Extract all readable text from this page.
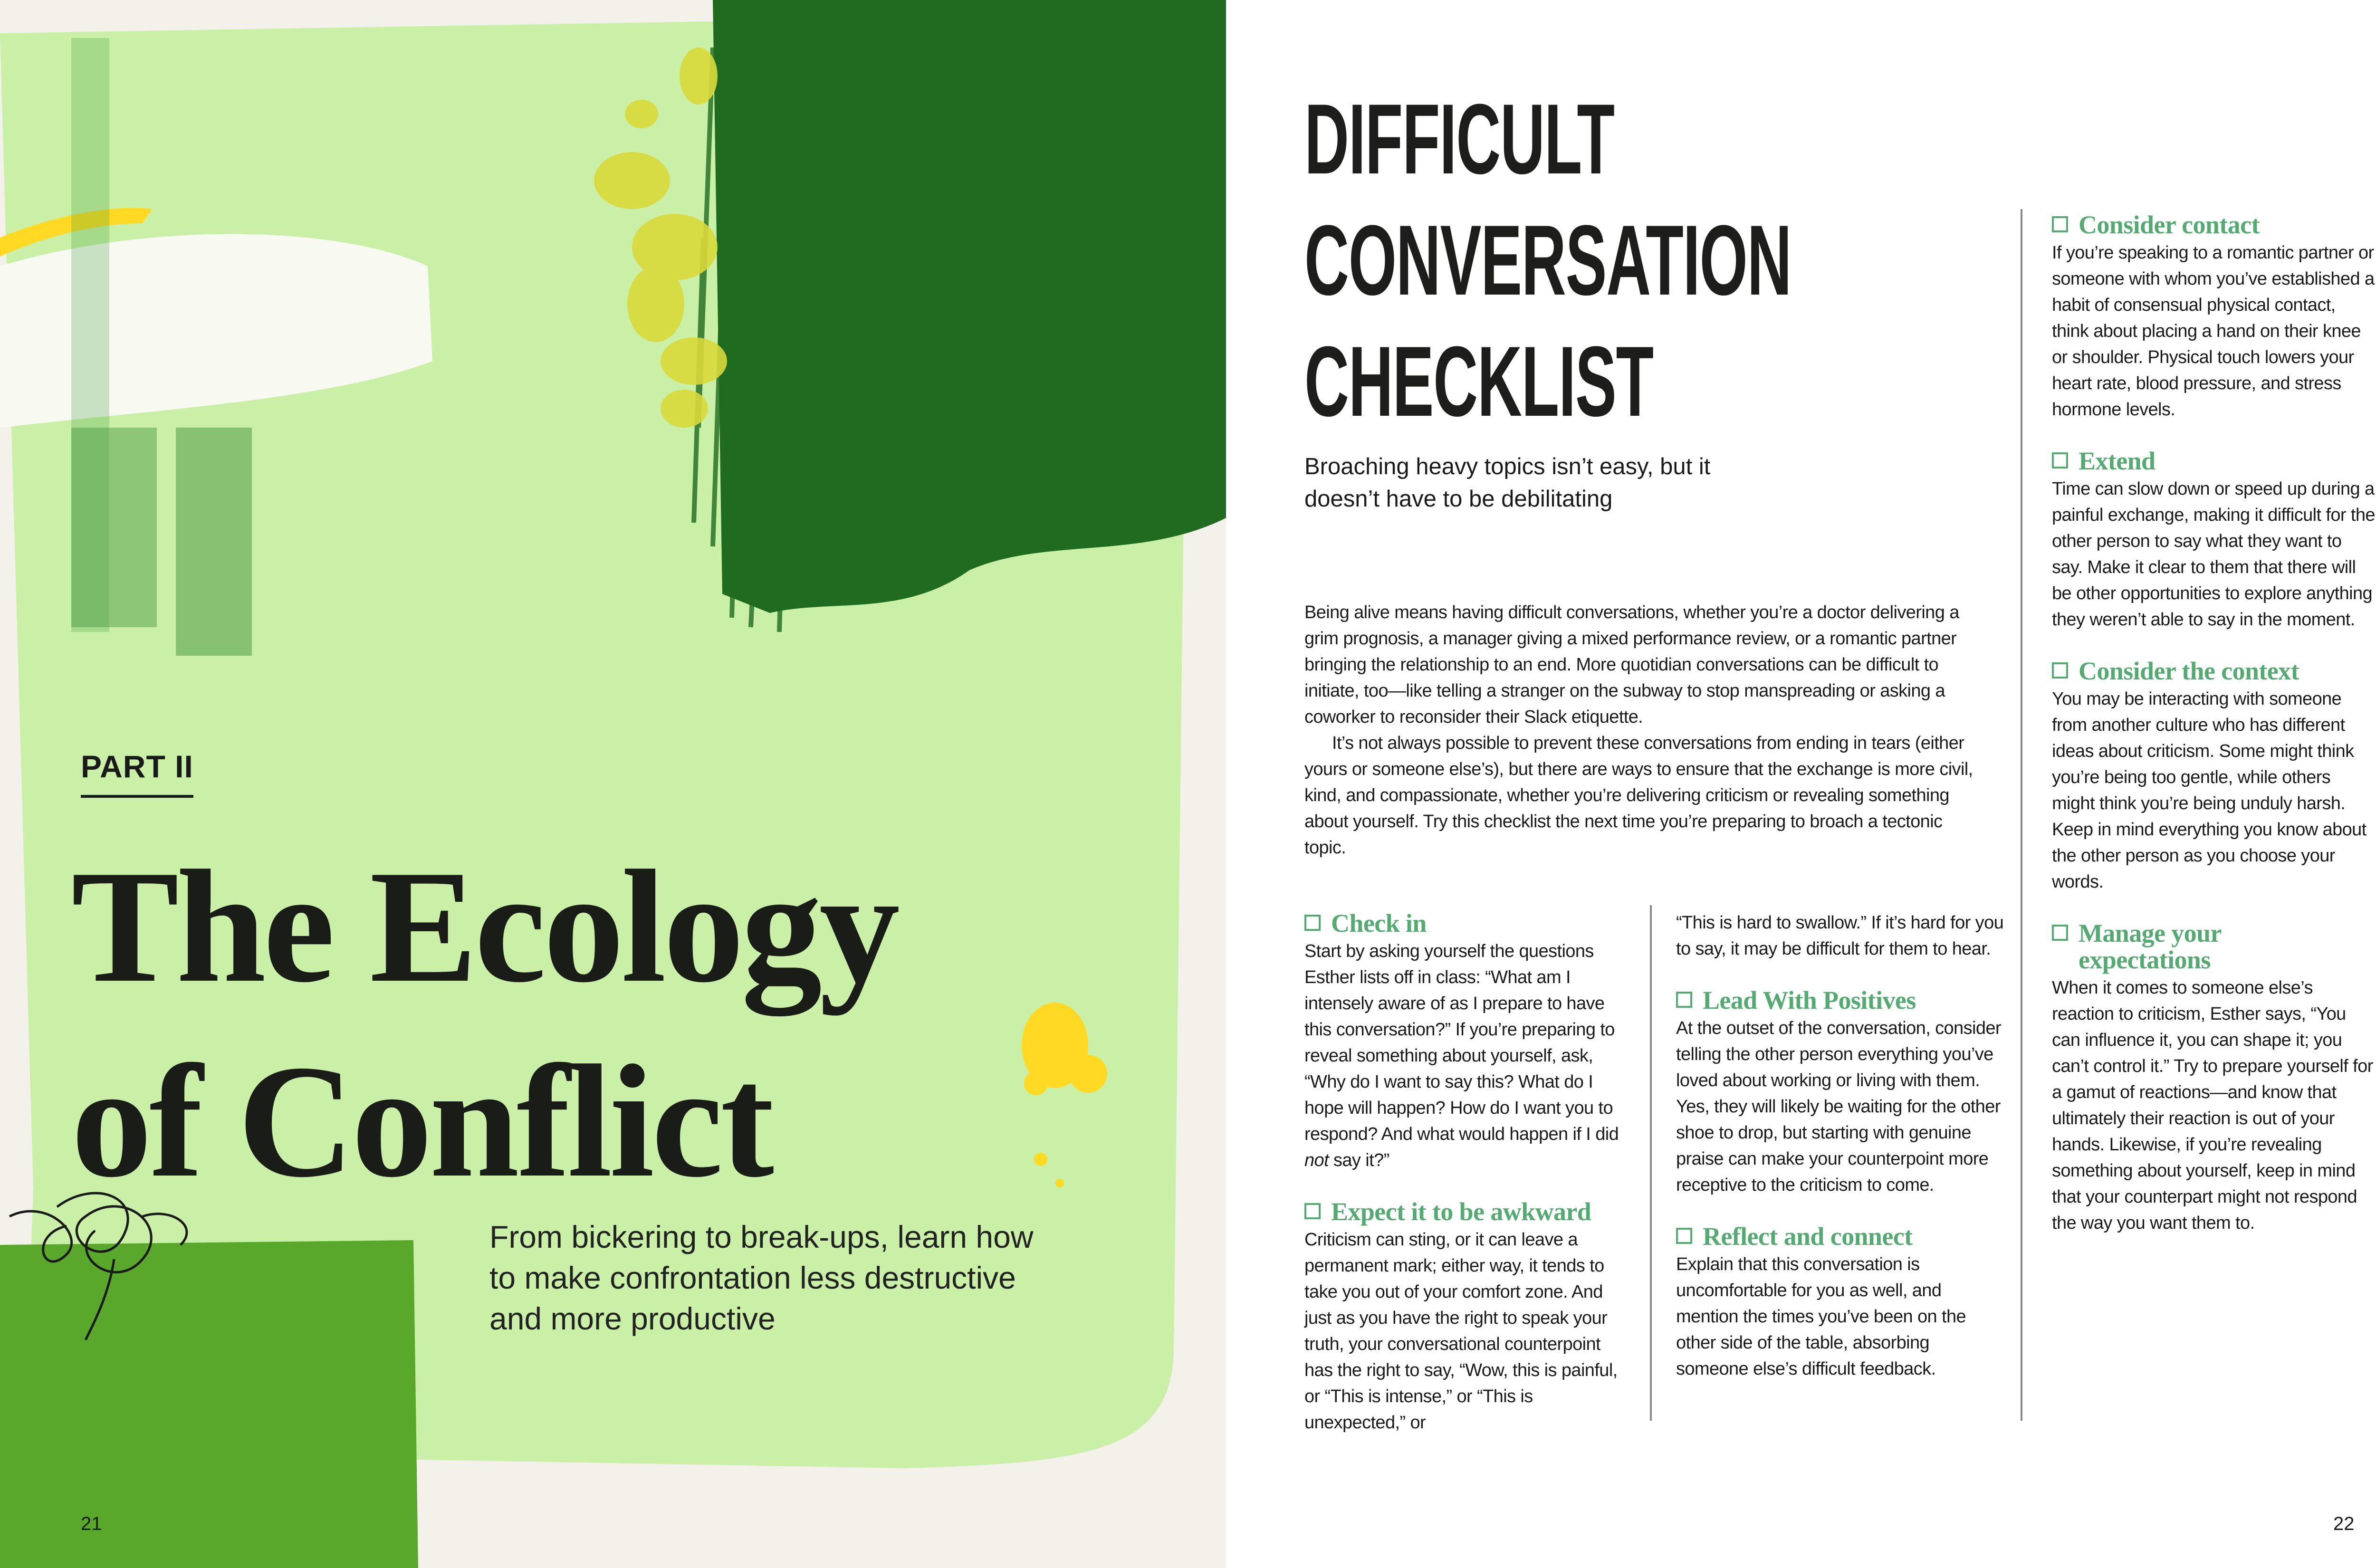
PART II
The Ecology
of Conflict
From bickering to break-ups, learn how
to make confrontation less destructive
and more productive
21
DIFFICULT
CONVERSATION
CHECKLIST
Broaching heavy topics isn’t easy, but it
doesn’t have to be debilitating

Being alive means having difficult conversations, whether you’re a doctor delivering a grim prognosis, a manager giving a mixed performance review, or a romantic partner bringing the relationship to an end. More quotidian conversations can be difficult to initiate, too—like telling a stranger on the subway to stop manspreading or asking a coworker to reconsider their Slack etiquette.

It’s not always possible to prevent these conversations from ending in tears (either yours or someone else’s), but there are ways to ensure that the exchange is more civil, kind, and compassionate, whether you’re delivering criticism or revealing something about yourself. Try this checklist the next time you’re preparing to broach a tectonic topic.

Check in

Start by asking yourself the questions Esther lists off in class: “What am I intensely aware of as I prepare to have this conversation?” If you’re preparing to reveal something about yourself, ask, “Why do I want to say this? What do I hope will happen? How do I want you to respond? And what would happen if I did not say it?”

Expect it to be awkward

Criticism can sting, or it can leave a permanent mark; either way, it tends to take you out of your comfort zone. And just as you have the right to speak your truth, your conversational counterpoint has the right to say, “Wow, this is painful, or “This is intense,” or “This is unexpected,” or

“This is hard to swallow.” If it’s hard for you to say, it may be difficult for them to hear.

Lead With Positives

At the outset of the conversation, consider telling the other person everything you’ve loved about working or living with them. Yes, they will likely be waiting for the other shoe to drop, but starting with genuine praise can make your counterpoint more receptive to the criticism to come.

Reflect and connect

Explain that this conversation is uncomfortable for you as well, and mention the times you’ve been on the other side of the table, absorbing someone else’s difficult feedback.

Consider contact

If you’re speaking to a romantic partner or someone with whom you’ve established a habit of consensual physical contact, think about placing a hand on their knee or shoulder. Physical touch lowers your heart rate, blood pressure, and stress hormone levels.

Extend

Time can slow down or speed up during a painful exchange, making it difficult for the other person to say what they want to say. Make it clear to them that there will be other opportunities to explore anything they weren’t able to say in the moment.

Consider the context

You may be interacting with someone from another culture who has different ideas about criticism. Some might think you’re being too gentle, while others might think you’re being unduly harsh. Keep in mind everything you know about the other person as you choose your words.

Manage your
expectations

When it comes to someone else’s reaction to criticism, Esther says, “You can influence it, you can shape it; you can’t control it.” Try to prepare yourself for a gamut of reactions—and know that ultimately their reaction is out of your hands. Likewise, if you’re revealing something about yourself, keep in mind that your counterpart might not respond the way you want them to.

22
